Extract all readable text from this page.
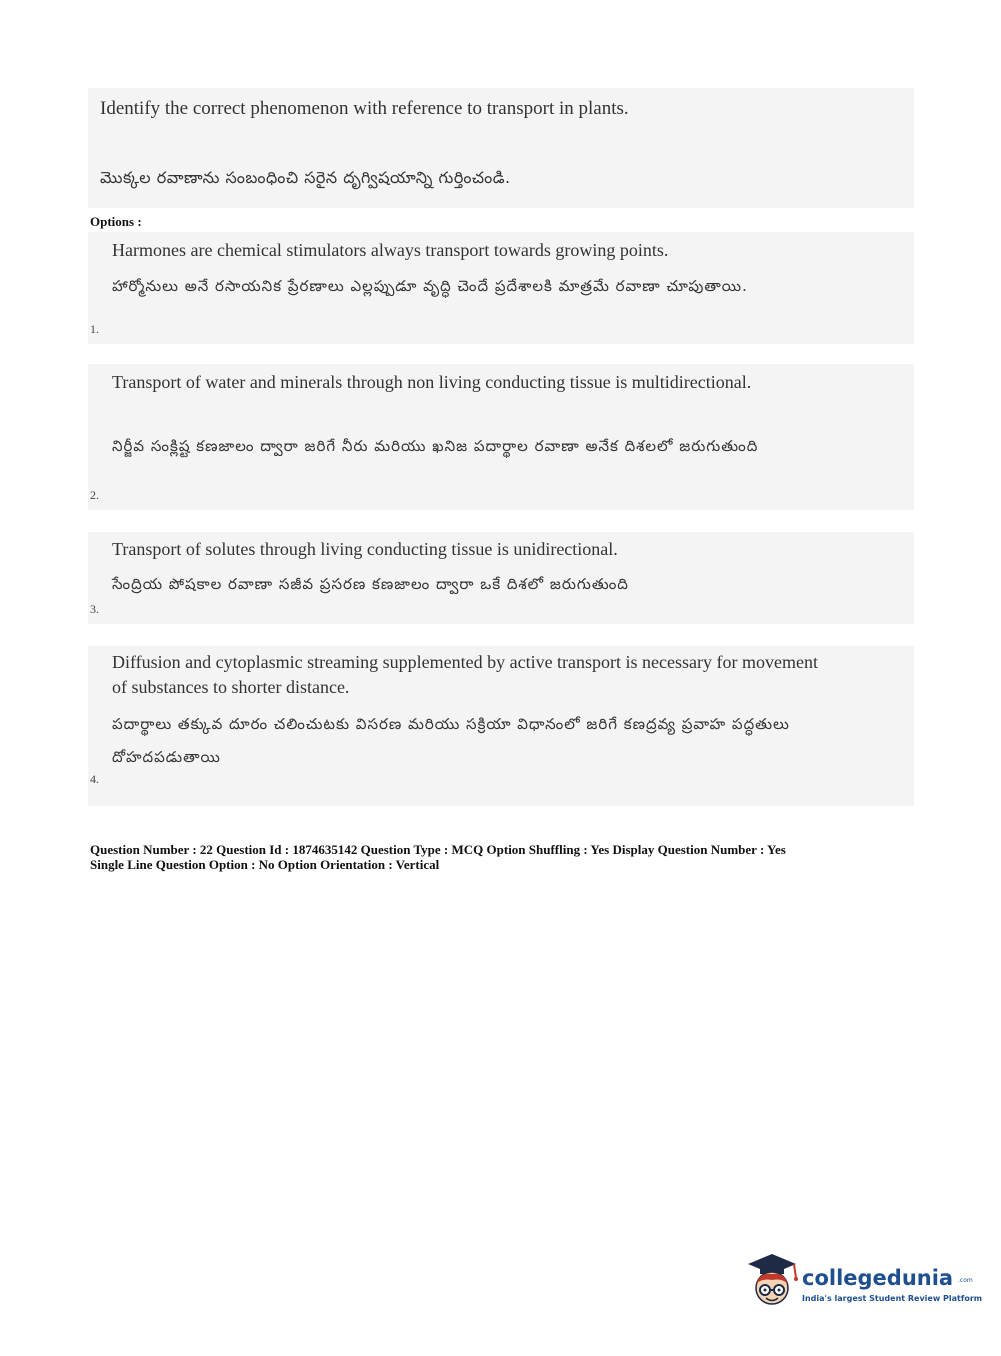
Identify the correct phenomenon with reference to transport in plants.
మొక్కల రవాణాను సంబంధించి సరైన దృగ్విషయాన్ని గుర్తించండి.
Options :
Harmones are chemical stimulators always transport towards growing points.
హార్మోనులు అనే రసాయనిక ప్రేరణాలు ఎల్లప్పుడూ వృద్ధి చెందే ప్రదేశాలకి మాత్రమే రవాణా చూపుతాయి.
1.
Transport of water and minerals through non living conducting tissue is multidirectional.
నిర్జీవ సంక్లిష్ట కణజాలం ద్వారా జరిగే నీరు మరియు ఖనిజ పదార్థాల రవాణా అనేక దిశలలో జరుగుతుంది
2.
Transport of solutes through living conducting tissue is unidirectional.
సేంద్రియ పోషకాల రవాణా సజీవ ప్రసరణ కణజాలం ద్వారా ఒకే దిశలో జరుగుతుంది
3.
Diffusion and cytoplasmic streaming supplemented by active transport is necessary for movement of substances to shorter distance.
పదార్థాలు తక్కువ దూరం చలించుటకు విసరణ మరియు సక్రియా విధానంలో జరిగే కణద్రవ్య ప్రవాహ పద్ధతులు దోహదపడుతాయి
4.
Question Number : 22 Question Id : 1874635142 Question Type : MCQ Option Shuffling : Yes Display Question Number : Yes
Single Line Question Option : No Option Orientation : Vertical
collegedunia .com
India's largest Student Review Platform
